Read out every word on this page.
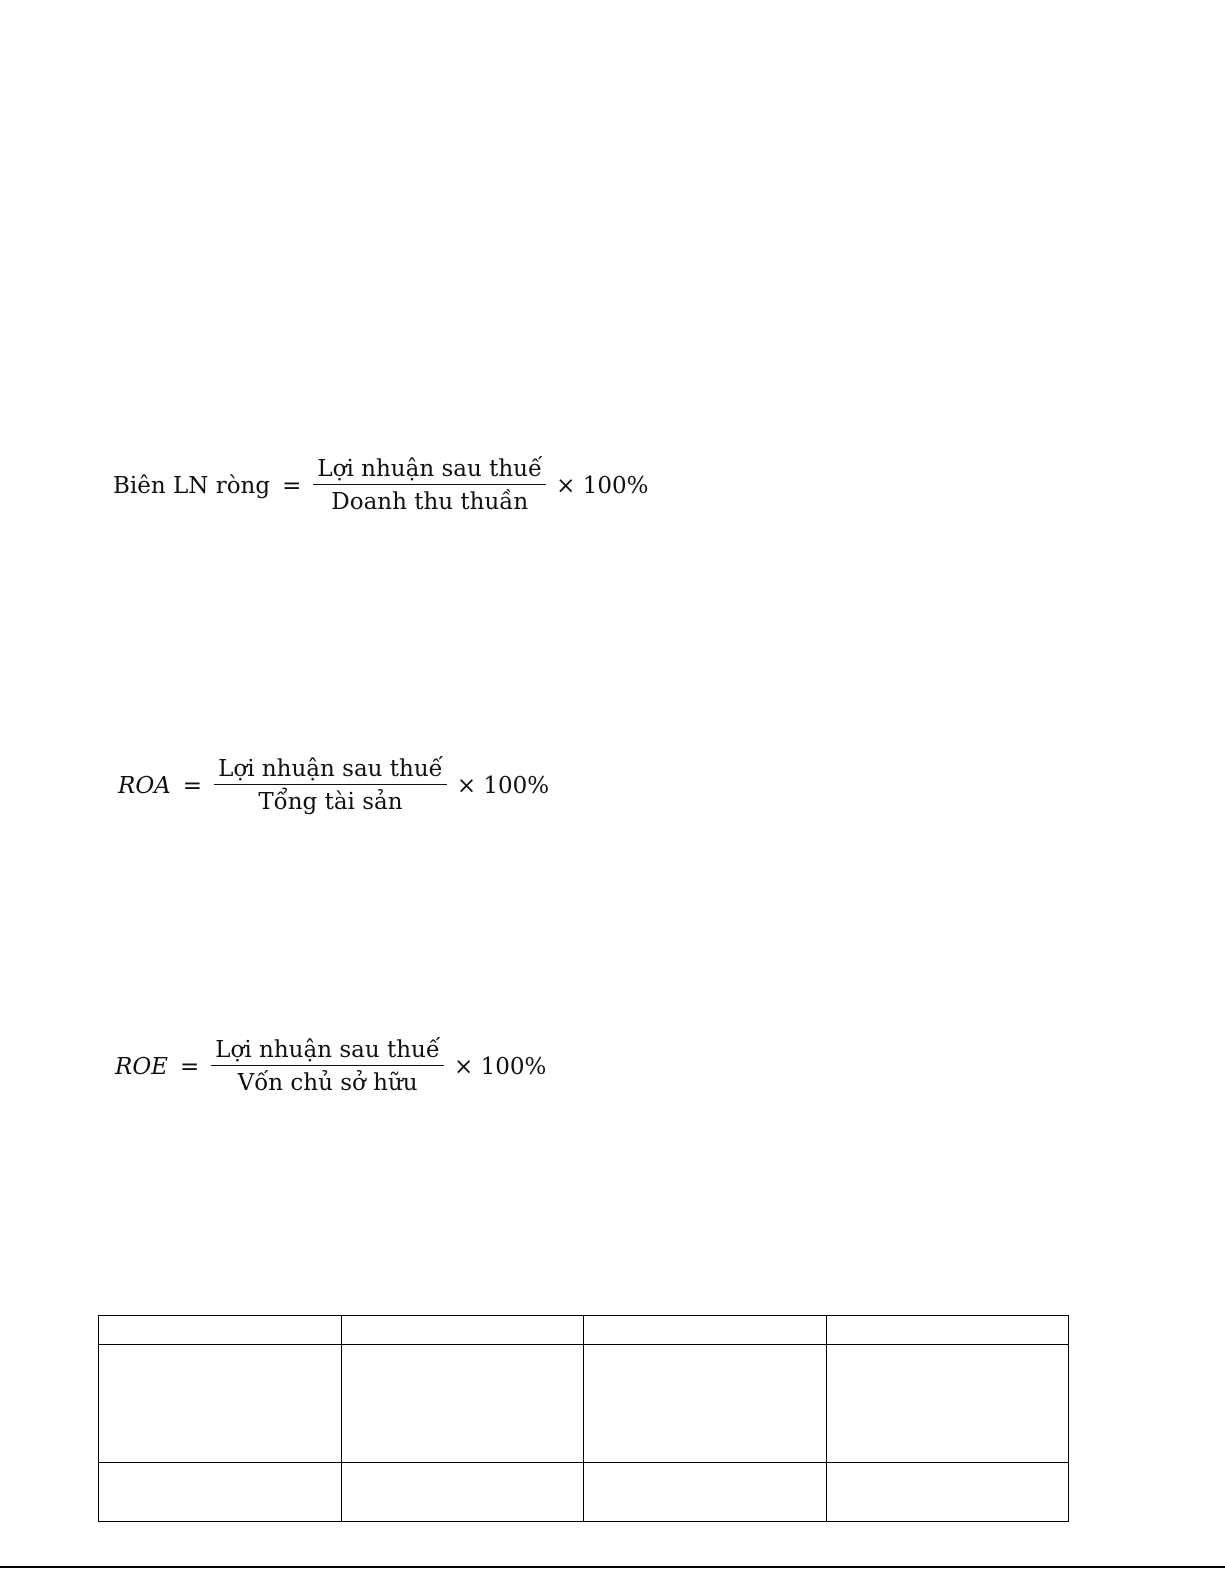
Biên LN ròng = $\frac{\text{Lợi nhuận sau thuế}}{\text{Doanh thu thuần}} \times 100\%$
ROA = $\frac{\text{Lợi nhuận sau thuế}}{\text{Tổng tài sản}} \times 100\%$
ROE = $\frac{\text{Lợi nhuận sau thuế}}{\text{Vốn chủ sở hữu}} \times 100\%$
